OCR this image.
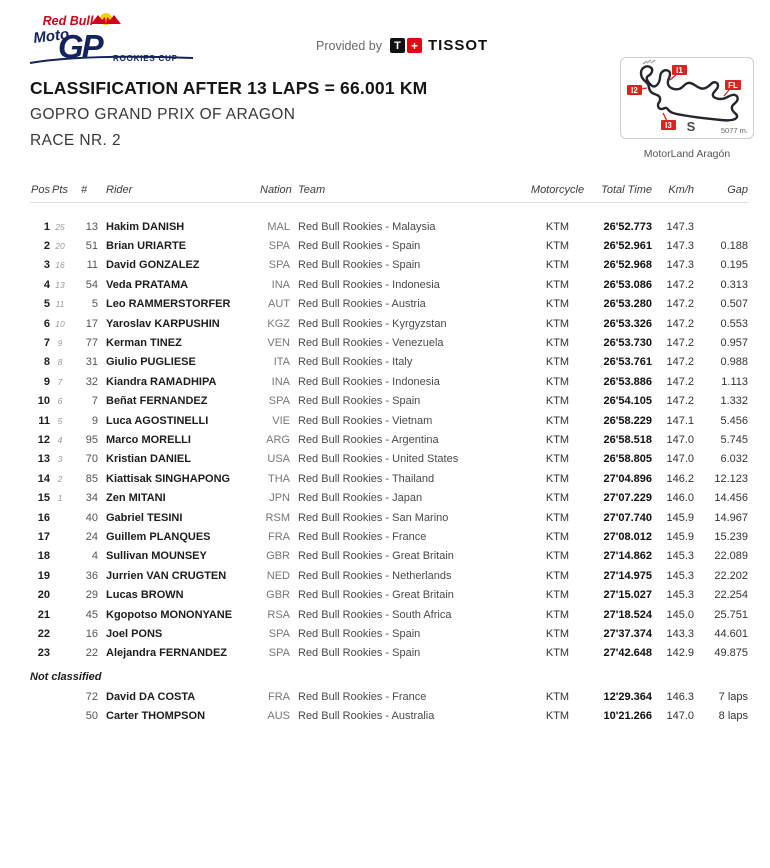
Red Bull
Moto
GP	ROOKIES CUP
Provided by	T + TISSOT
I1
I2
I3
FL
S	5077 m.
MotorLand Aragón
CLASSIFICATION AFTER 13 LAPS = 66.001 KM
GOPRO GRAND PRIX OF ARAGON
RACE NR. 2
Pos Pts	#	Rider	Nation Team	Motorcycle	Total Time	Km/h	Gap
1 25	13 Hakim DANISH	MAL Red Bull Rookies - Malaysia	KTM	26'52.773	147.3
2 20	51 Brian URIARTE	SPA Red Bull Rookies - Spain	KTM	26'52.961	147.3	0.188
3 16	11 David GONZALEZ	SPA Red Bull Rookies - Spain	KTM	26'52.968	147.3	0.195
4 13	54 Veda PRATAMA	INA Red Bull Rookies - Indonesia	KTM	26'53.086	147.2	0.313
5 11	5 Leo RAMMERSTORFER	AUT Red Bull Rookies - Austria	KTM	26'53.280	147.2	0.507
6 10	17 Yaroslav KARPUSHIN	KGZ Red Bull Rookies - Kyrgyzstan	KTM	26'53.326	147.2	0.553
7 9	77 Kerman TINEZ	VEN Red Bull Rookies - Venezuela	KTM	26'53.730	147.2	0.957
8 8	31 Giulio PUGLIESE	ITA Red Bull Rookies - Italy	KTM	26'53.761	147.2	0.988
9 7	32 Kiandra RAMADHIPA	INA Red Bull Rookies - Indonesia	KTM	26'53.886	147.2	1.113
10 6	7 Beñat FERNANDEZ	SPA Red Bull Rookies - Spain	KTM	26'54.105	147.2	1.332
11 5	9 Luca AGOSTINELLI	VIE Red Bull Rookies - Vietnam	KTM	26'58.229	147.1	5.456
12 4	95 Marco MORELLI	ARG Red Bull Rookies - Argentina	KTM	26'58.518	147.0	5.745
13 3	70 Kristian DANIEL	USA Red Bull Rookies - United States	KTM	26'58.805	147.0	6.032
14 2	85 Kiattisak SINGHAPONG	THA Red Bull Rookies - Thailand	KTM	27'04.896	146.2	12.123
15 1	34 Zen MITANI	JPN Red Bull Rookies - Japan	KTM	27'07.229	146.0	14.456
16	40 Gabriel TESINI	RSM Red Bull Rookies - San Marino	KTM	27'07.740	145.9	14.967
17	24 Guillem PLANQUES	FRA Red Bull Rookies - France	KTM	27'08.012	145.9	15.239
18	4 Sullivan MOUNSEY	GBR Red Bull Rookies - Great Britain	KTM	27'14.862	145.3	22.089
19	36 Jurrien VAN CRUGTEN	NED Red Bull Rookies - Netherlands	KTM	27'14.975	145.3	22.202
20	29 Lucas BROWN	GBR Red Bull Rookies - Great Britain	KTM	27'15.027	145.3	22.254
21	45 Kgopotso MONONYANE	RSA Red Bull Rookies - South Africa	KTM	27'18.524	145.0	25.751
22	16 Joel PONS	SPA Red Bull Rookies - Spain	KTM	27'37.374	143.3	44.601
23	22 Alejandra FERNANDEZ	SPA Red Bull Rookies - Spain	KTM	27'42.648	142.9	49.875
Not classified
72 David DA COSTA	FRA Red Bull Rookies - France	KTM	12'29.364	146.3	7 laps
50 Carter THOMPSON	AUS Red Bull Rookies - Australia	KTM	10'21.266	147.0	8 laps
